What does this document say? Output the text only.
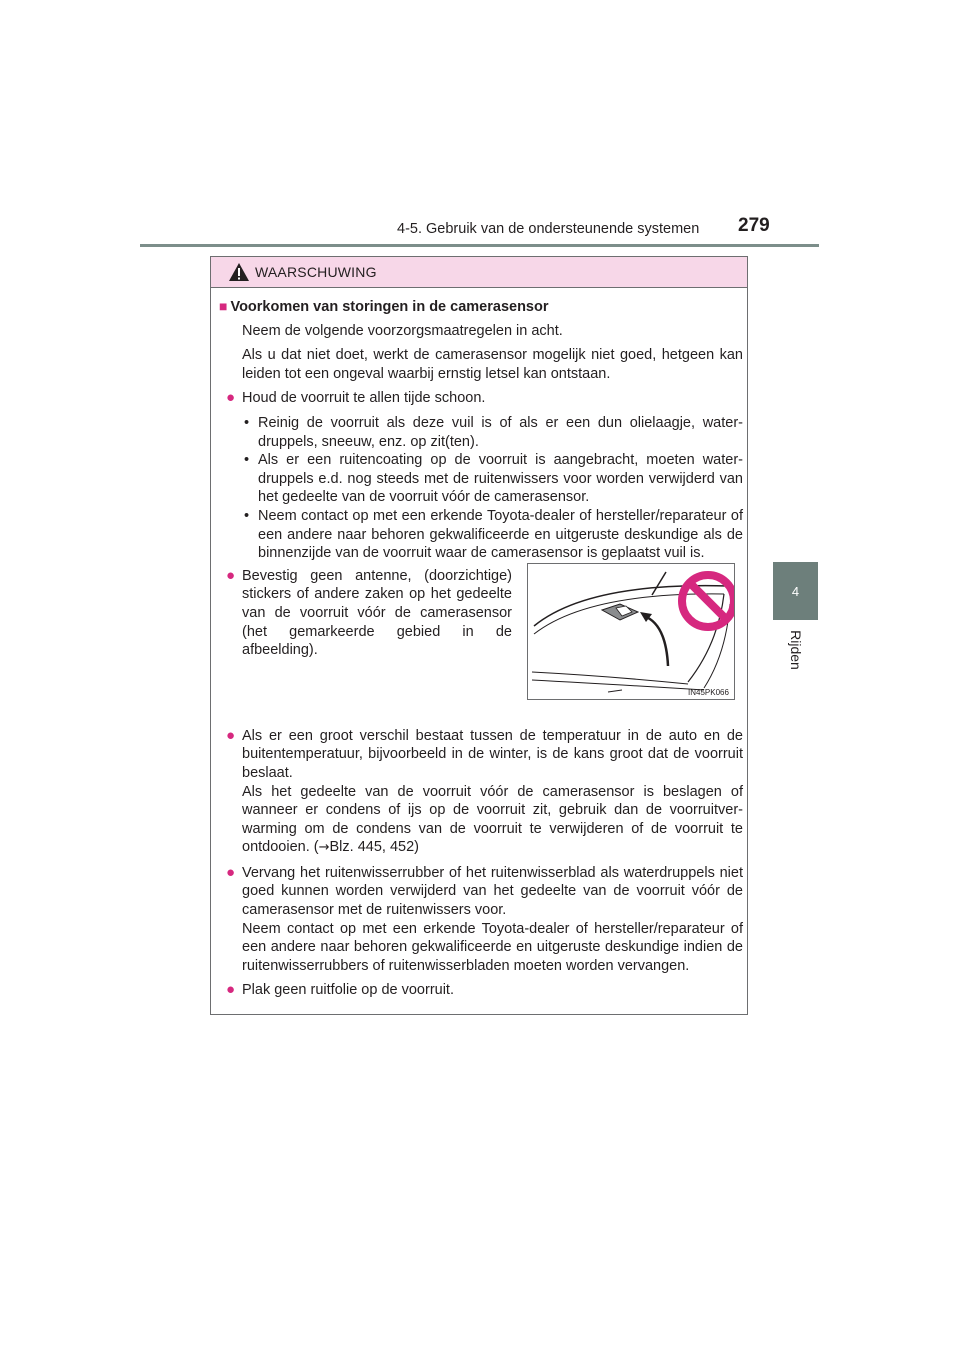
4-5. Gebruik van de ondersteunende systemen 279
4
Rijden
WAARSCHUWING

■ Voorkomen van storingen in de camerasensor

Neem de volgende voorzorgsmaatregelen in acht.

Als u dat niet doet, werkt de camerasensor mogelijk niet goed, hetgeen kan leiden tot een ongeval waarbij ernstig letsel kan ontstaan.

● Houd de voorruit te allen tijde schoon.

• Reinig de voorruit als deze vuil is of als er een dun olielaagje, waterdruppels, sneeuw, enz. op zit(ten).

• Als er een ruitencoating op de voorruit is aangebracht, moeten waterdruppels e.d. nog steeds met de ruitenwissers voor worden verwijderd van het gedeelte van de voorruit vóór de camerasensor.

• Neem contact op met een erkende Toyota-dealer of hersteller/reparateur of een andere naar behoren gekwalificeerde en uitgeruste deskundige als de binnenzijde van de voorruit waar de camerasensor is geplaatst vuil is.

● Bevestig geen antenne, (doorzichtige) stickers of andere zaken op het gedeelte van de voorruit vóór de camerasensor (het gemarkeerde gebied in de afbeelding).

IN45PK066
● Als er een groot verschil bestaat tussen de temperatuur in de auto en de buitentemperatuur, bijvoorbeeld in de winter, is de kans groot dat de voorruit beslaat.

Als het gedeelte van de voorruit vóór de camerasensor is beslagen of wanneer er condens of ijs op de voorruit zit, gebruik dan de voorruitverwarming om de condens van de voorruit te verwijderen of de voorruit te ontdooien. (→Blz. 445, 452)

● Vervang het ruitenwisserrubber of het ruitenwisserblad als waterdruppels niet goed kunnen worden verwijderd van het gedeelte van de voorruit vóór de camerasensor met de ruitenwissers voor.

Neem contact op met een erkende Toyota-dealer of hersteller/reparateur of een andere naar behoren gekwalificeerde en uitgeruste deskundige indien de ruitenwisserrubbers of ruitenwisserbladen moeten worden vervangen.

● Plak geen ruitfolie op de voorruit.
